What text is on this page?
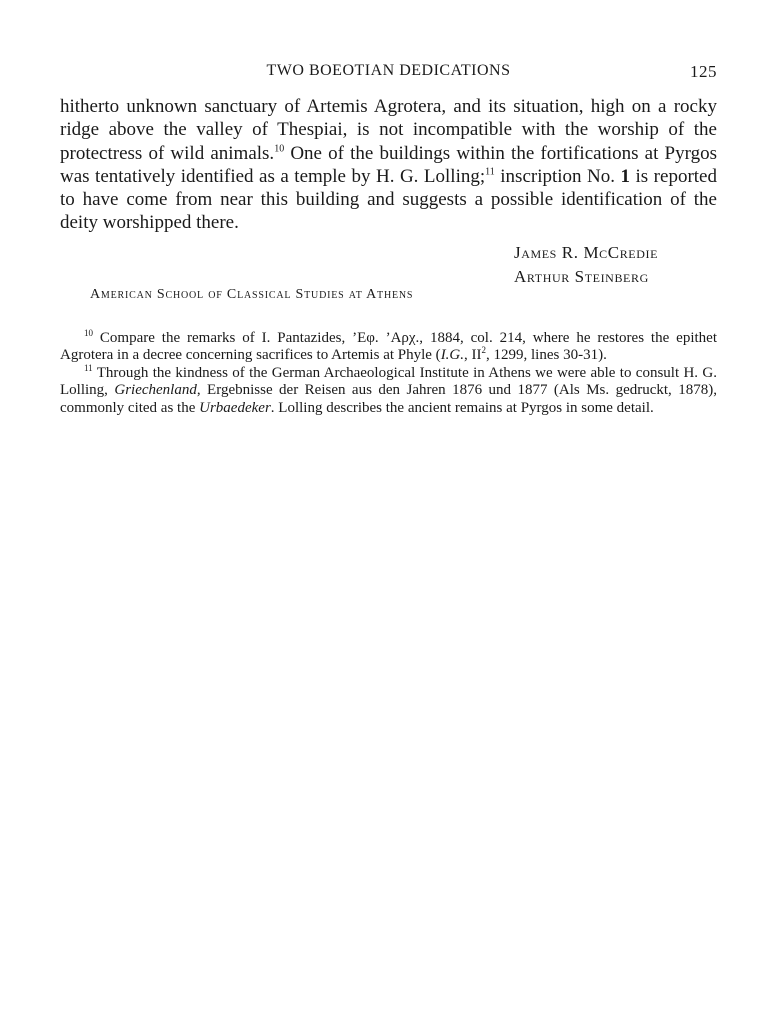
TWO BOEOTIAN DEDICATIONS	125

hitherto unknown sanctuary of Artemis Agrotera, and its situation, high on a rocky ridge above the valley of Thespiai, is not incompatible with the worship of the protectress of wild animals.$^{10}$ One of the buildings within the fortifications at Pyrgos was tentatively identified as a temple by H. G. Lolling;$^{11}$ inscription No. 1 is reported to have come from near this building and suggests a possible identification of the deity worshipped there.

James R. McCredie
Arthur Steinberg
American School of Classical Studies at Athens

$^{10}$ Compare the remarks of I. Pantazides, ’Eφ. ’Aρχ., 1884, col. 214, where he restores the epithet Agrotera in a decree concerning sacrifices to Artemis at Phyle (I.G., $II^2$, 1299, lines 30-31).

$^{11}$ Through the kindness of the German Archaeological Institute in Athens we were able to consult H. G. Lolling, Griechenland, Ergebnisse der Reisen aus den Jahren 1876 und 1877 (Als Ms. gedruckt, 1878), commonly cited as the Urbaedeker. Lolling describes the ancient remains at Pyrgos in some detail.
